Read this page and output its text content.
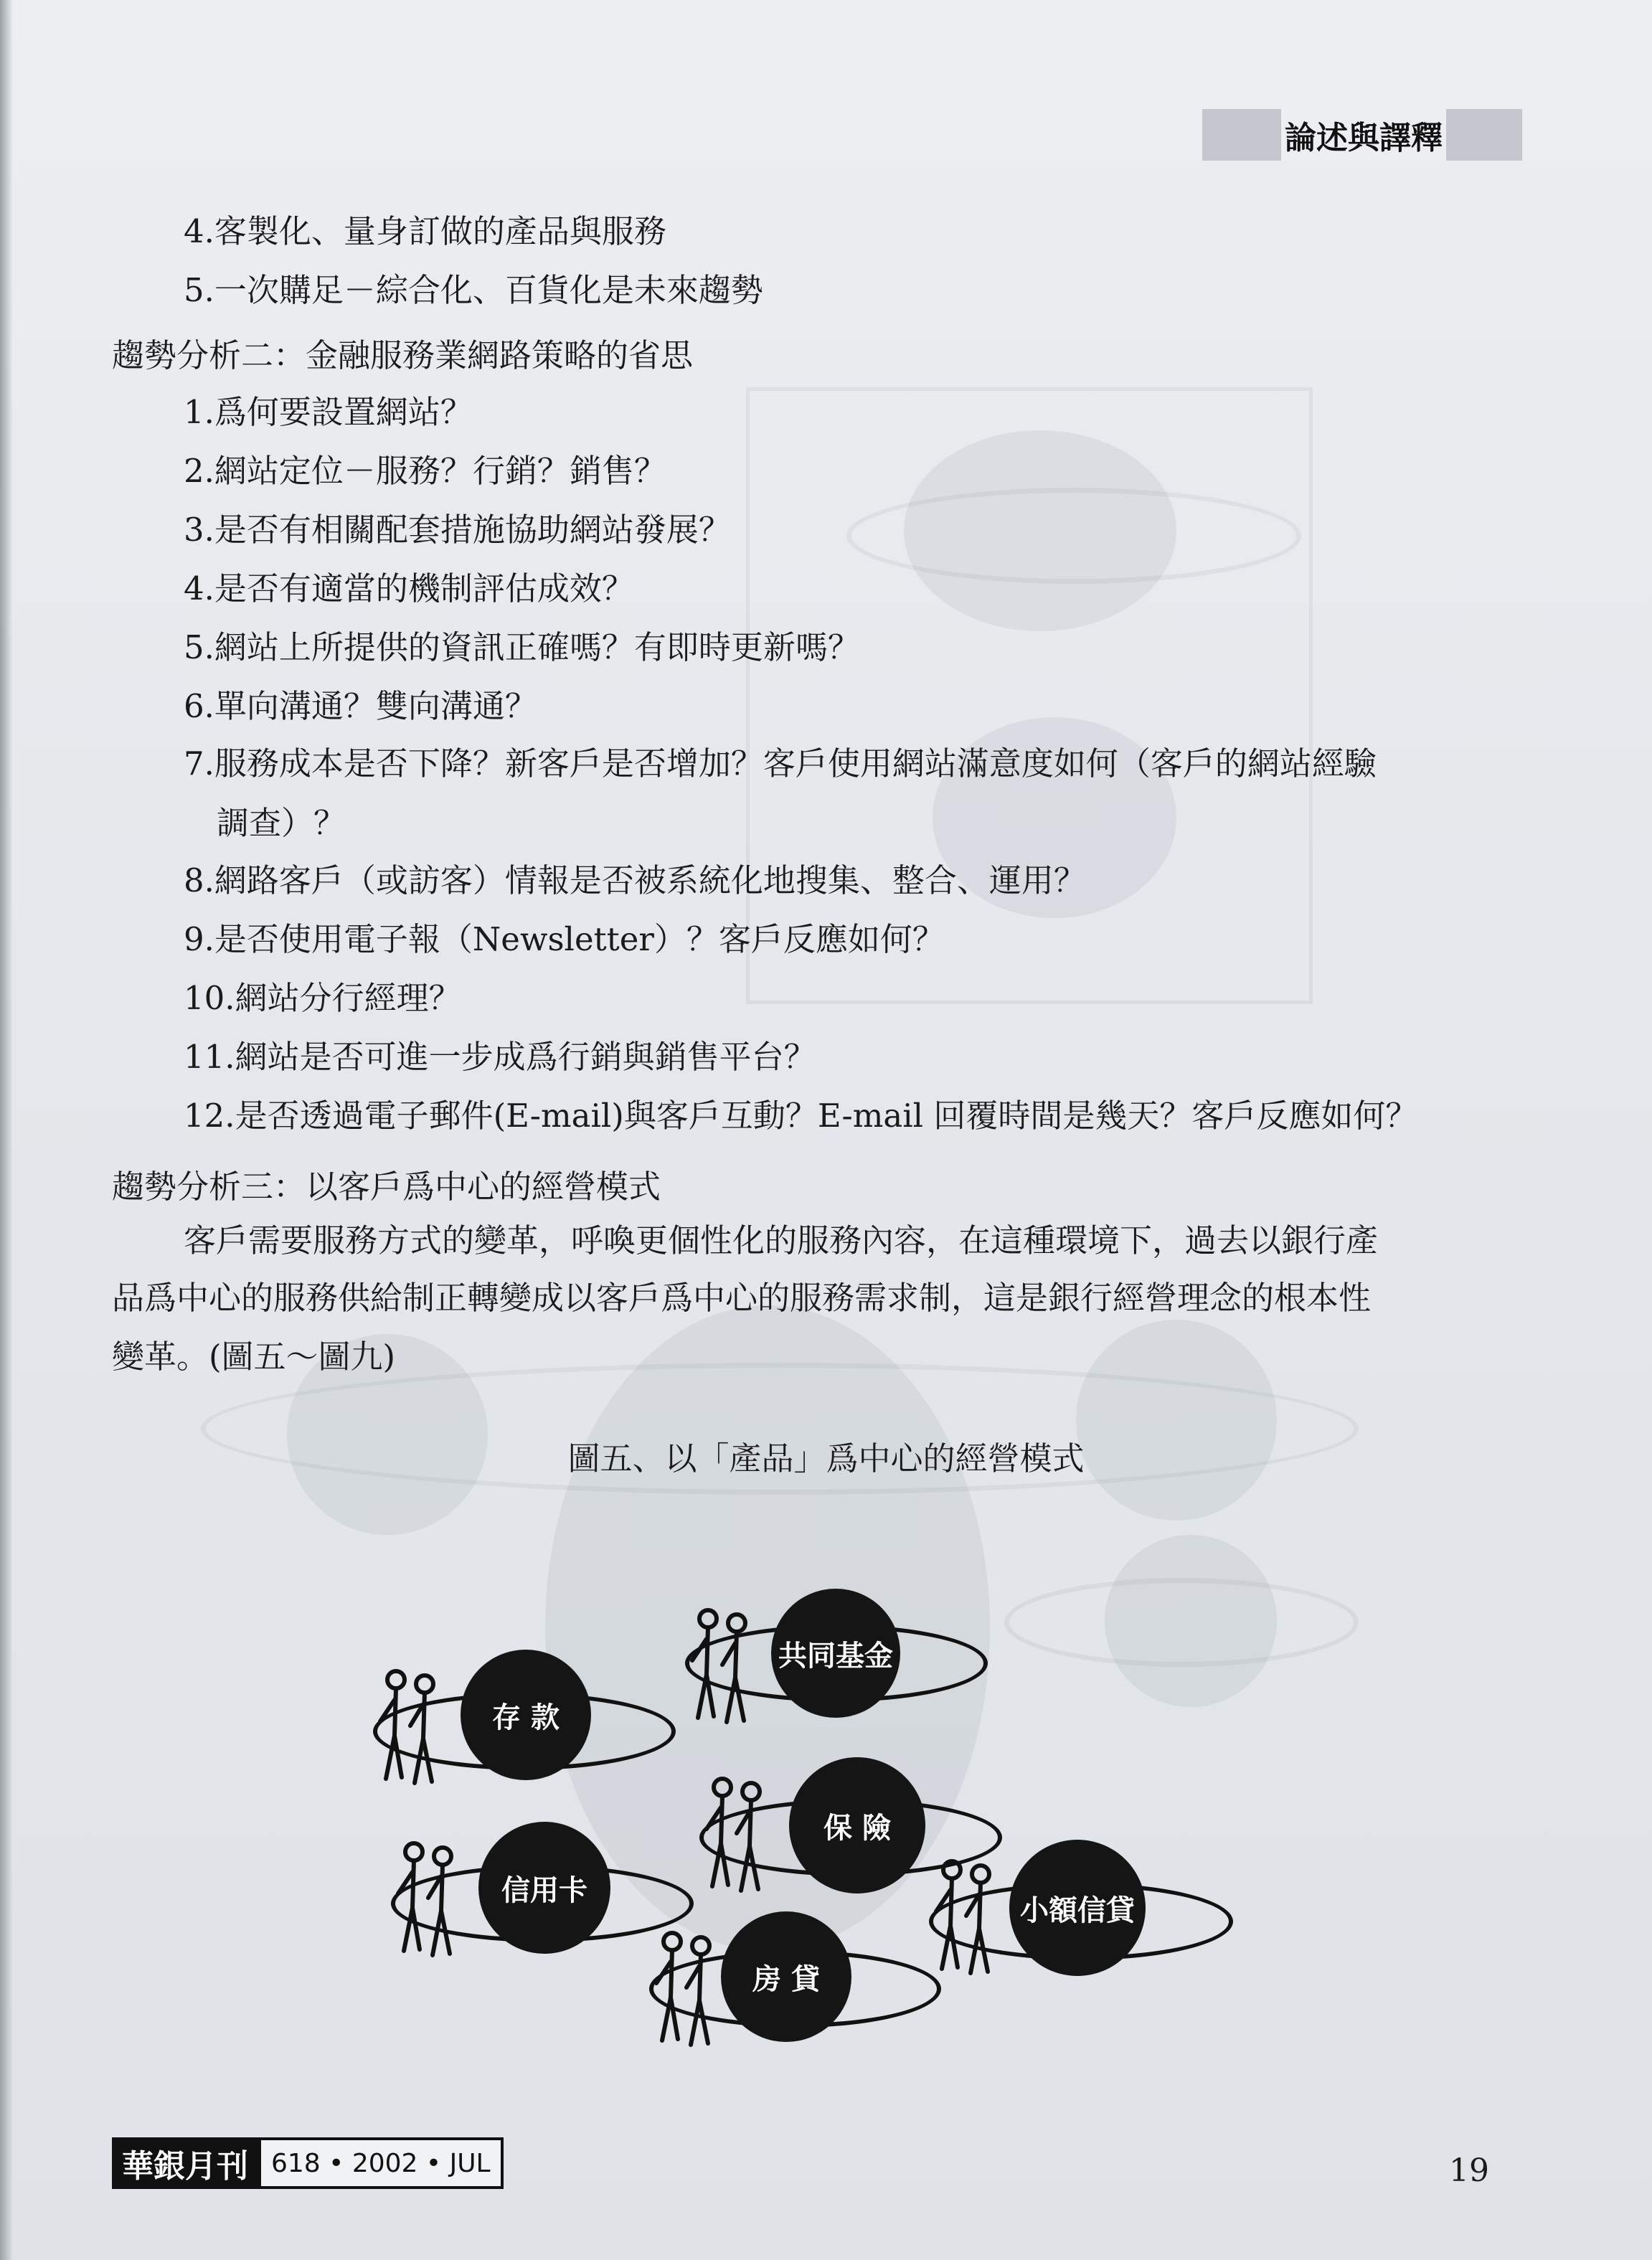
論述與譯釋
4.客製化、量身訂做的產品與服務
5.一次購足－綜合化、百貨化是未來趨勢
趨勢分析二：金融服務業網路策略的省思
1.爲何要設置網站？
2.網站定位－服務？行銷？銷售？
3.是否有相關配套措施協助網站發展？
4.是否有適當的機制評估成效？
5.網站上所提供的資訊正確嗎？有即時更新嗎？
6.單向溝通？雙向溝通？
7.服務成本是否下降？新客戶是否增加？客戶使用網站滿意度如何（客戶的網站經驗
調查）？
8.網路客戶（或訪客）情報是否被系統化地搜集、整合、運用？
9.是否使用電子報（Newsletter）？客戶反應如何？
10.網站分行經理？
11.網站是否可進一步成爲行銷與銷售平台？
12.是否透過電子郵件(E-mail)與客戶互動？E-mail 回覆時間是幾天？客戶反應如何？
趨勢分析三：以客戶爲中心的經營模式
客戶需要服務方式的變革，呼喚更個性化的服務內容，在這種環境下，過去以銀行產
品爲中心的服務供給制正轉變成以客戶爲中心的服務需求制，這是銀行經營理念的根本性
變革。(圖五～圖九)
圖五、以「產品」爲中心的經營模式
存 款
共同基金
保 險
信用卡
房 貸
小額信貸
華銀月刊 618 • 2002 • JUL	19
